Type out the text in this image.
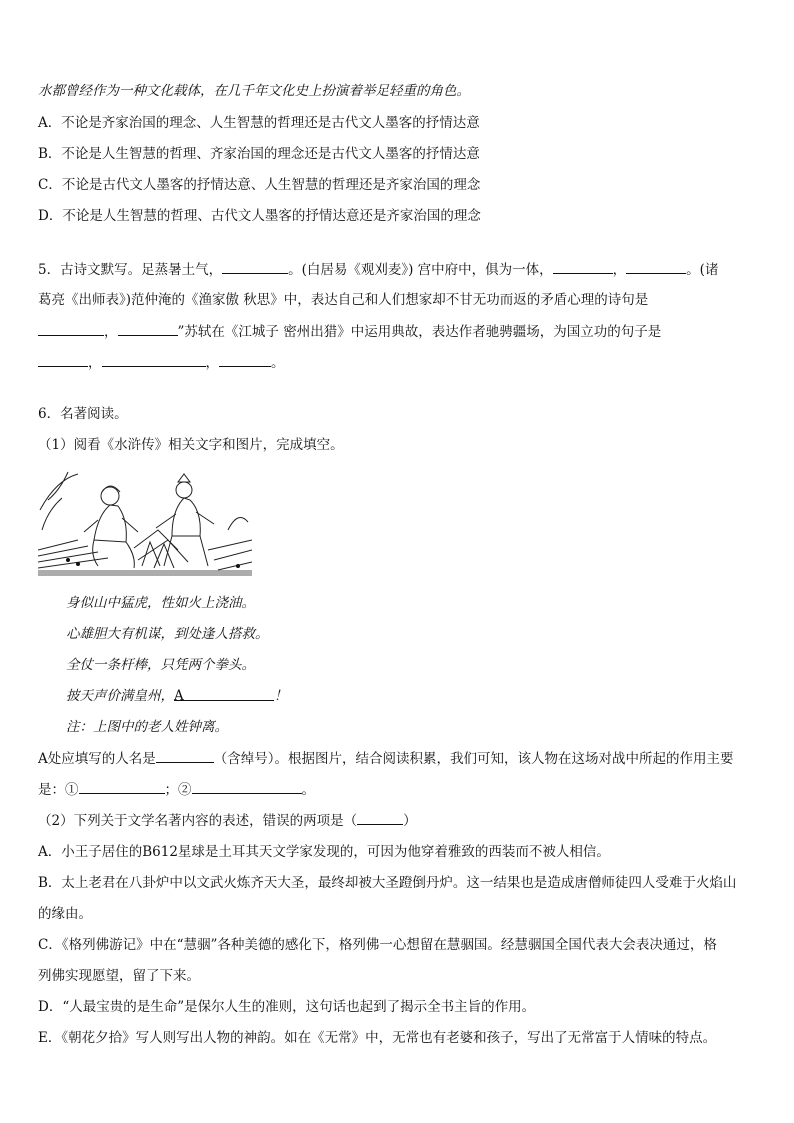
水都曾经作为一种文化载体，在几千年文化史上扮演着举足轻重的角色。
A．不论是齐家治国的理念、人生智慧的哲理还是古代文人墨客的抒情达意
B．不论是人生智慧的哲理、齐家治国的理念还是古代文人墨客的抒情达意
C．不论是古代文人墨客的抒情达意、人生智慧的哲理还是齐家治国的理念
D．不论是人生智慧的哲理、古代文人墨客的抒情达意还是齐家治国的理念
5．古诗文默写。足蒸暑土气，	。(白居易《观刈麦》) 宫中府中，俱为一体，	，	。(诸
葛亮《出师表》)范仲淹的《渔家傲 秋思》中，表达自己和人们想家却不甘无功而返的矛盾心理的诗句是
，	”苏轼在《江城子 密州出猎》中运用典故，表达作者驰骋疆场，为国立功的句子是
，	，	。
6．名著阅读。
（1）阅看《水浒传》相关文字和图片，完成填空。
身似山中猛虎，性如火上浇油。
心雄胆大有机谋，到处逢人搭救。
全仗一条杆棒，只凭两个拳头。
披天声价满皇州，A	！
注：上图中的老人姓钟离。
A处应填写的人名是	（含绰号）。根据图片，结合阅读积累，我们可知，该人物在这场对战中所起的作用主要
是：①	；②	。
（2）下列关于文学名著内容的表述，错误的两项是（	）
A．小王子居住的B612星球是土耳其天文学家发现的，可因为他穿着雅致的西装而不被人相信。
B．太上老君在八卦炉中以文武火炼齐天大圣，最终却被大圣蹬倒丹炉。这一结果也是造成唐僧师徒四人受难于火焰山
的缘由。
C．《格列佛游记》中在“慧骃”各种美德的感化下，格列佛一心想留在慧骃国。经慧骃国全国代表大会表决通过，格
列佛实现愿望，留了下来。
D．“人最宝贵的是生命”是保尔人生的准则，这句话也起到了揭示全书主旨的作用。
E．《朝花夕拾》写人则写出人物的神韵。如在《无常》中，无常也有老婆和孩子，写出了无常富于人情味的特点。
